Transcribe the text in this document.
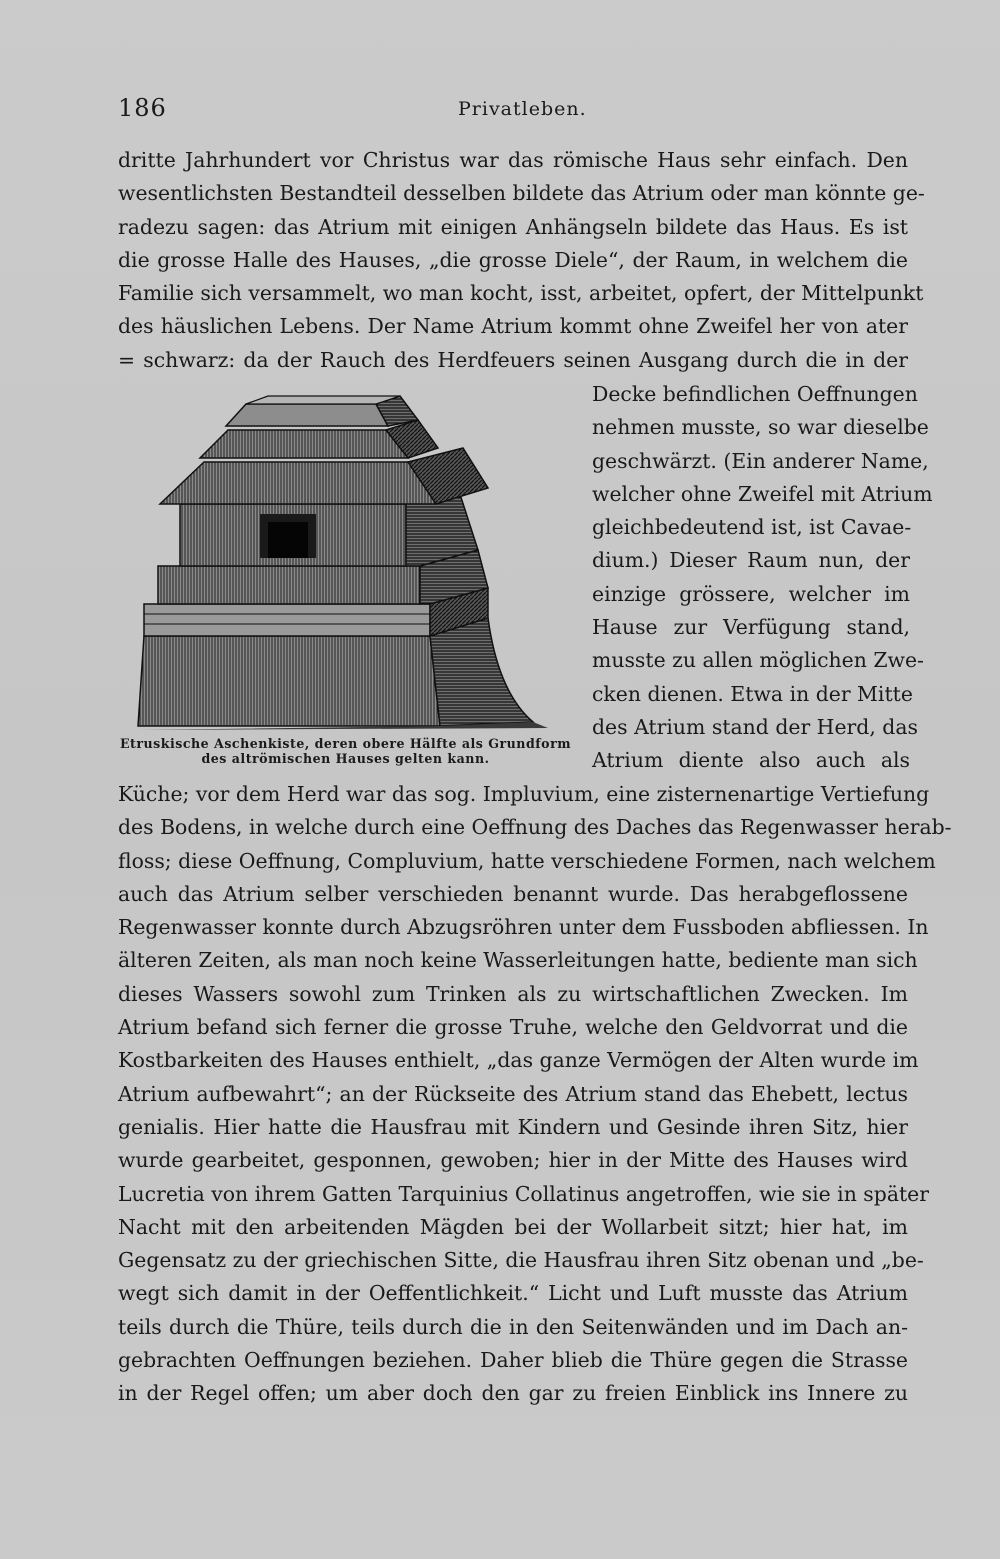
186	Privatleben.
dritte Jahrhundert vor Christus war das römische Haus sehr einfach. Den
wesentlichsten Bestandteil desselben bildete das Atrium oder man könnte ge-
radezu sagen: das Atrium mit einigen Anhängseln bildete das Haus. Es ist
die grosse Halle des Hauses, „die grosse Diele“, der Raum, in welchem die
Familie sich versammelt, wo man kocht, isst, arbeitet, opfert, der Mittelpunkt
des häuslichen Lebens. Der Name Atrium kommt ohne Zweifel her von ater
= schwarz: da der Rauch des Herdfeuers seinen Ausgang durch die in der
Etruskische Aschenkiste, deren obere Hälfte als Grundform
des altrömischen Hauses gelten kann.
Decke befindlichen Oeffnungen
nehmen musste, so war dieselbe
geschwärzt. (Ein anderer Name,
welcher ohne Zweifel mit Atrium
gleichbedeutend ist, ist Cavae-
dium.) Dieser Raum nun, der
einzige grössere, welcher im
Hause zur Verfügung stand,
musste zu allen möglichen Zwe-
cken dienen. Etwa in der Mitte
des Atrium stand der Herd, das
Atrium diente also auch als
Küche; vor dem Herd war das sog. Impluvium, eine zisternenartige Vertiefung
des Bodens, in welche durch eine Oeffnung des Daches das Regenwasser herab-
floss; diese Oeffnung, Compluvium, hatte verschiedene Formen, nach welchem
auch das Atrium selber verschieden benannt wurde. Das herabgeflossene
Regenwasser konnte durch Abzugsröhren unter dem Fussboden abfliessen. In
älteren Zeiten, als man noch keine Wasserleitungen hatte, bediente man sich
dieses Wassers sowohl zum Trinken als zu wirtschaftlichen Zwecken. Im
Atrium befand sich ferner die grosse Truhe, welche den Geldvorrat und die
Kostbarkeiten des Hauses enthielt, „das ganze Vermögen der Alten wurde im
Atrium aufbewahrt“; an der Rückseite des Atrium stand das Ehebett, lectus
genialis. Hier hatte die Hausfrau mit Kindern und Gesinde ihren Sitz, hier
wurde gearbeitet, gesponnen, gewoben; hier in der Mitte des Hauses wird
Lucretia von ihrem Gatten Tarquinius Collatinus angetroffen, wie sie in später
Nacht mit den arbeitenden Mägden bei der Wollarbeit sitzt; hier hat, im
Gegensatz zu der griechischen Sitte, die Hausfrau ihren Sitz obenan und „be-
wegt sich damit in der Oeffentlichkeit.“ Licht und Luft musste das Atrium
teils durch die Thüre, teils durch die in den Seitenwänden und im Dach an-
gebrachten Oeffnungen beziehen. Daher blieb die Thüre gegen die Strasse
in der Regel offen; um aber doch den gar zu freien Einblick ins Innere zu
